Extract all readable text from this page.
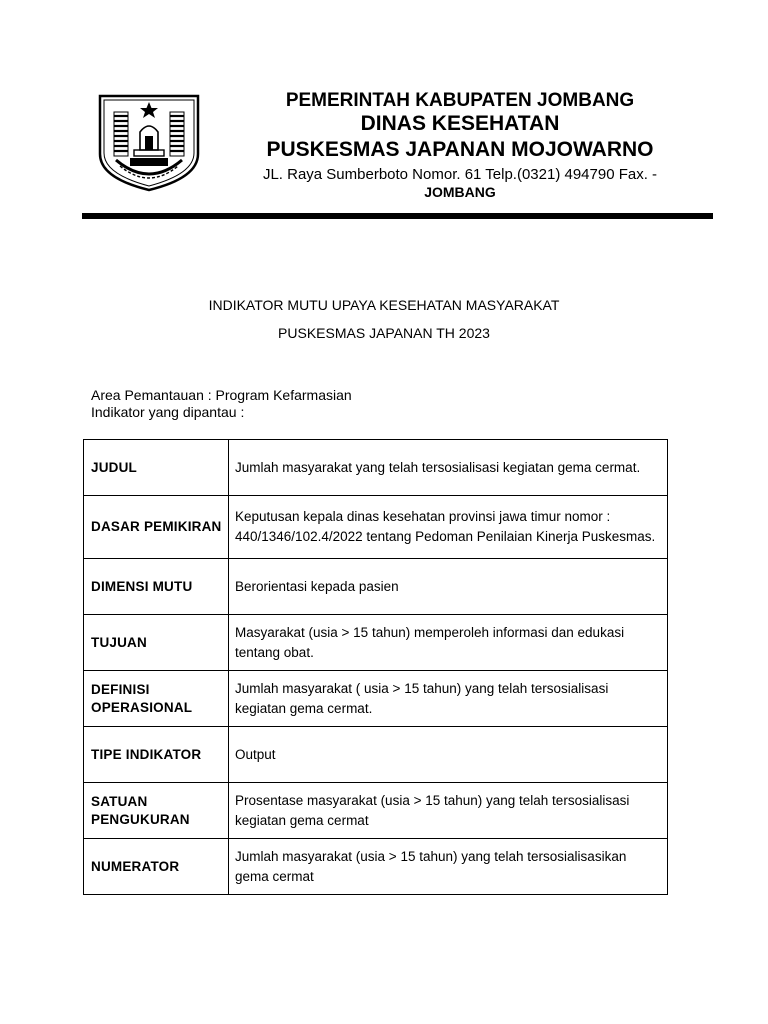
PEMERINTAH KABUPATEN JOMBANG
DINAS KESEHATAN
PUSKESMAS JAPANAN MOJOWARNO
JL. Raya Sumberboto Nomor. 61 Telp.(0321) 494790 Fax. -
JOMBANG
INDIKATOR MUTU UPAYA KESEHATAN MASYARAKAT
PUSKESMAS JAPANAN TH 2023
Area Pemantauan : Program Kefarmasian
Indikator yang dipantau :
JUDUL	Jumlah masyarakat yang telah tersosialisasi kegiatan gema cermat.
DASAR PEMIKIRAN	Keputusan kepala dinas kesehatan provinsi jawa timur nomor : 440/1346/102.4/2022 tentang Pedoman Penilaian Kinerja Puskesmas.
DIMENSI MUTU	Berorientasi kepada pasien
TUJUAN	Masyarakat (usia > 15 tahun) memperoleh informasi dan edukasi tentang obat.
DEFINISI OPERASIONAL	Jumlah masyarakat ( usia > 15 tahun) yang telah tersosialisasi kegiatan gema cermat.
TIPE INDIKATOR	Output
SATUAN PENGUKURAN	Prosentase masyarakat (usia > 15 tahun) yang telah tersosialisasi kegiatan gema cermat
NUMERATOR	Jumlah masyarakat (usia > 15 tahun) yang telah tersosialisasikan gema cermat
